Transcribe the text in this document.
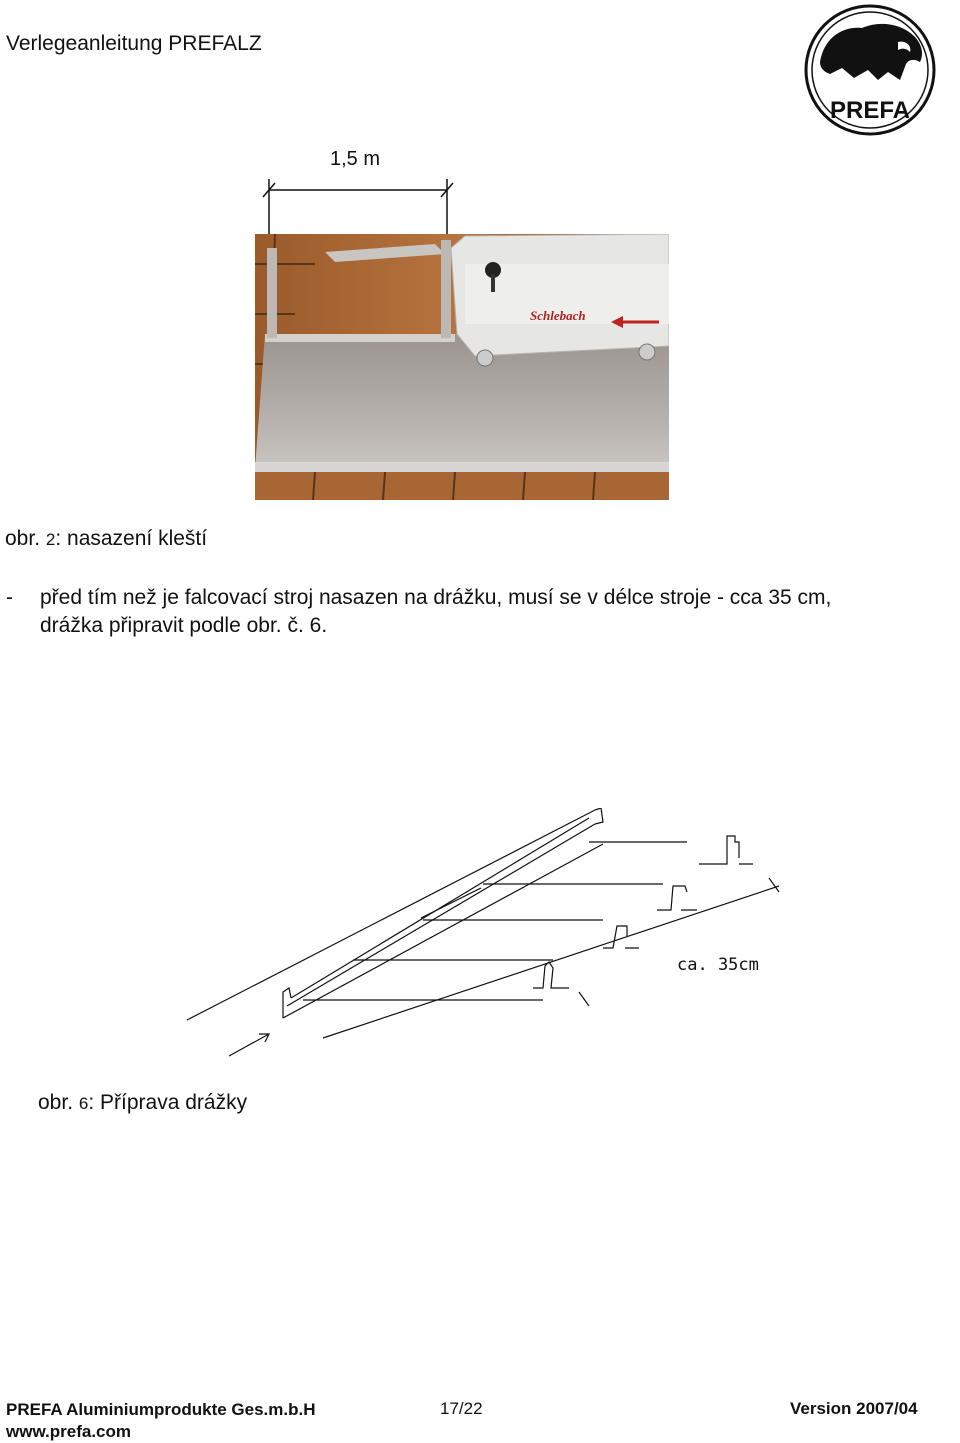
Verlegeanleitung PREFALZ
PREFA
1,5 m
Schlebach
obr. 2: nasazení kleští
- před tím než je falcovací stroj nasazen na drážku, musí se v délce stroje - cca 35 cm,
drážka připravit podle obr. č. 6.
ca. 35cm
obr. 6: Příprava drážky
PREFA Aluminiumprodukte Ges.m.b.H
www.prefa.com
17/22	Version 2007/04
